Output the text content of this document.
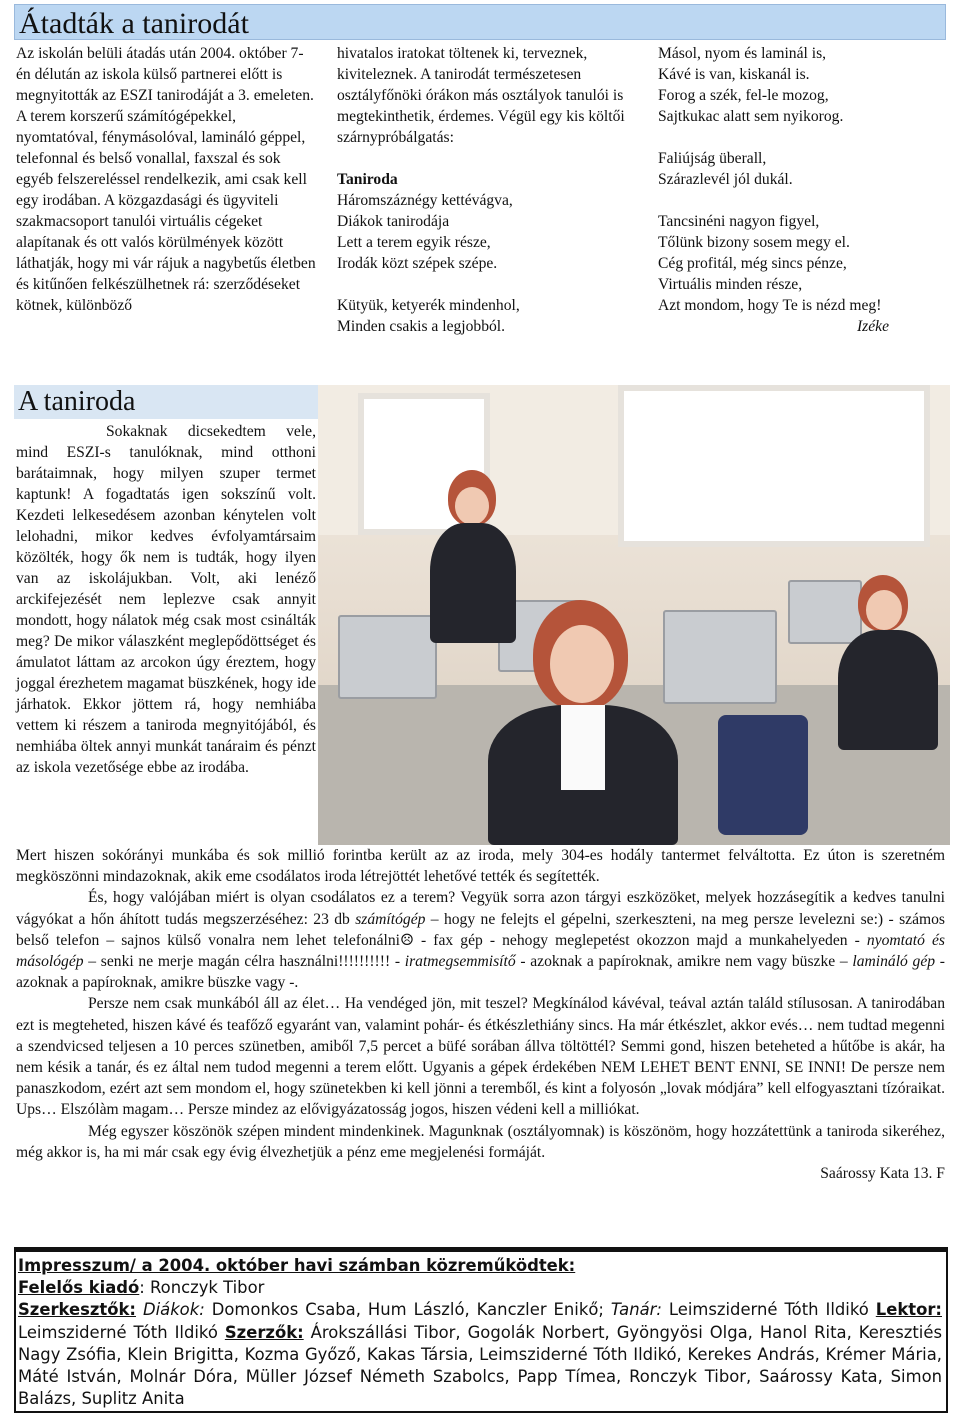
Átadták a tanirodát

Az iskolán belüli átadás után 2004. október 7-én délután az iskola külső partnerei előtt is megnyitották az ESZI tanirodáját a 3. emeleten. A terem korszerű számítógépekkel, nyomtatóval, fénymásolóval, lamináló géppel, telefonnal és belső vonallal, faxszal és sok egyéb felszereléssel rendelkezik, ami csak kell egy irodában. A közgazdasági és ügyviteli szakmacsoport tanulói virtuális cégeket alapítanak és ott valós körülmények között láthatják, hogy mi vár rájuk a nagybetűs életben és kitűnően felkészülhetnek rá: szerződéseket kötnek, különböző

hivatalos iratokat töltenek ki, terveznek, kiviteleznek. A tanirodát természetesen osztályfőnöki órákon más osztályok tanulói is megtekinthetik, érdemes. Végül egy kis költői szárnypróbálgatás:

Taniroda

Háromszáznégy kettévágva,

Diákok tanirodája

Lett a terem egyik része,

Irodák közt szépek szépe.

Kütyük, ketyerék mindenhol,

Minden csakis a legjobból.

Másol, nyom és laminál is,

Kávé is van, kiskanál is.

Forog a szék, fel-le mozog,

Sajtkukac alatt sem nyikorog.

Faliújság überall,

Szárazlevél jól dukál.

Tancsinéni nagyon figyel,

Tőlünk bizony sosem megy el.

Cég profitál, még sincs pénze,

Virtuális minden része,

Azt mondom, hogy Te is nézd meg!

Izéke

A taniroda

Sokaknak dicsekedtem vele, mind ESZI-s tanulóknak, mind otthoni barátaimnak, hogy milyen szuper termet kaptunk! A fogadtatás igen sokszínű volt. Kezdeti lelkesedésem azonban kénytelen volt lelohadni, mikor kedves évfolyamtársaim közölték, hogy ők nem is tudták, hogy ilyen van az iskolájukban. Volt, aki lenéző arckifejezését nem leplezve csak annyit mondott, hogy nálatok még csak most csinálták meg? De mikor válaszként meglepődöttséget és ámulatot láttam az arcokon úgy éreztem, hogy joggal érezhetem magamat büszkének, hogy ide járhatok. Ekkor jöttem rá, hogy nemhiába vettem ki részem a taniroda megnyitójából, és nemhiába öltek annyi munkát tanáraim és pénzt az iskola vezetősége ebbe az irodába.

Mert hiszen sokórányi munkába és sok millió forintba került az az iroda, mely 304-es hodály tantermet felváltotta. Ez úton is szeretném megköszönni mindazoknak, akik eme csodálatos iroda létrejöttét lehetővé tették és segítették.

És, hogy valójában miért is olyan csodálatos ez a terem? Vegyük sorra azon tárgyi eszközöket, melyek hozzásegítik a kedves tanulni vágyókat a hőn áhított tudás megszerzéséhez: 23 db számítógép – hogy ne felejts el gépelni, szerkeszteni, na meg persze levelezni se:) - számos belső telefon – sajnos külső vonalra nem lehet telefonálni☹ - fax gép - nehogy meglepetést okozzon majd a munkahelyeden - nyomtató és másológép – senki ne merje magán célra használni!!!!!!!!!! - iratmegsemmisítő - azoknak a papíroknak, amikre nem vagy büszke – lamináló gép - azoknak a papíroknak, amikre büszke vagy -.

Persze nem csak munkából áll az élet… Ha vendéged jön, mit teszel? Megkínálod kávéval, teával aztán találd stílusosan. A tanirodában ezt is megteheted, hiszen kávé és teafőző egyaránt van, valamint pohár- és étkészlethiány sincs. Ha már étkészlet, akkor evés… nem tudtad megenni a szendvicsed teljesen a 10 perces szünetben, amiből 7,5 percet a büfé sorában állva töltöttél? Semmi gond, hiszen beteheted a hűtőbe is akár, ha nem késik a tanár, és ez által nem tudod megenni a terem előtt. Ugyanis a gépek érdekében NEM LEHET BENT ENNI, SE INNI! De persze nem panaszkodom, ezért azt sem mondom el, hogy szünetekben ki kell jönni a teremből, és kint a folyosón „lovak módjára” kell elfogyasztani tízóraikat. Ups… Elszólàm magam… Persze mindez az elővigyázatosság jogos, hiszen védeni kell a milliókat.

Még egyszer köszönök szépen mindent mindenkinek. Magunknak (osztályomnak) is köszönöm, hogy hozzátettünk a taniroda sikeréhez, még akkor is, ha mi már csak egy évig élvezhetjük a pénz eme megjelenési formáját.

Saárossy Kata 13. F

Impresszum/ a 2004. október havi számban közreműködtek:

Felelős kiadó: Ronczyk Tibor

Szerkesztők: Diákok: Domonkos Csaba, Hum László, Kanczler Enikő; Tanár: Leimsziderné Tóth Ildikó Lektor: Leimsziderné Tóth Ildikó Szerzők: Árokszállási Tibor, Gogolák Norbert, Gyöngyösi Olga, Hanol Rita, Keresztiés Nagy Zsófia, Klein Brigitta, Kozma Győző, Kakas Társia, Leimsziderné Tóth Ildikó, Kerekes András, Krémer Mária, Máté István, Molnár Dóra, Müller József Németh Szabolcs, Papp Tímea, Ronczyk Tibor, Saárossy Kata, Simon Balázs, Suplitz Anita
